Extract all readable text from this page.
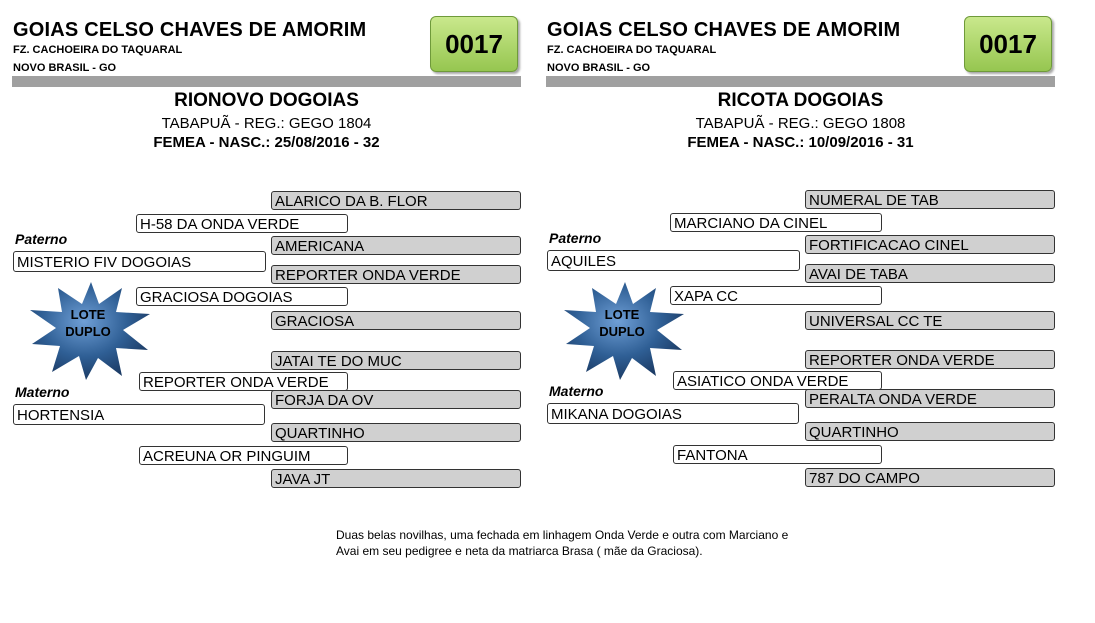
GOIAS CELSO CHAVES DE AMORIM
FZ. CACHOEIRA DO TAQUARAL
NOVO BRASIL - GO
0017
RIONOVO DOGOIAS
TABAPUÃ - REG.: GEGO 1804
FEMEA - NASC.: 25/08/2016 - 32
ALARICO DA B. FLOR
H-58 DA ONDA VERDE
Paterno	AMERICANA
MISTERIO FIV DOGOIAS
REPORTER ONDA VERDE
GRACIOSA DOGOIAS
GRACIOSA
JATAI TE DO MUC
REPORTER ONDA VERDE
Materno	FORJA DA OV
HORTENSIA
QUARTINHO
ACREUNA OR PINGUIM
JAVA JT
LOTE
DUPLO
GOIAS CELSO CHAVES DE AMORIM
FZ. CACHOEIRA DO TAQUARAL
NOVO BRASIL - GO
0017
RICOTA DOGOIAS
TABAPUÃ - REG.: GEGO 1808
FEMEA - NASC.: 10/09/2016 - 31
NUMERAL DE TAB
MARCIANO DA CINEL
Paterno	FORTIFICACAO CINEL
AQUILES
AVAI DE TABA
XAPA CC
UNIVERSAL CC TE
REPORTER ONDA VERDE
ASIATICO ONDA VERDE
Materno	PERALTA ONDA VERDE
MIKANA DOGOIAS
QUARTINHO
FANTONA
787 DO CAMPO
LOTE
DUPLO
Duas belas novilhas, uma fechada em linhagem Onda Verde e outra com Marciano e
Avai em seu pedigree e neta da matriarca Brasa ( mãe da Graciosa).
